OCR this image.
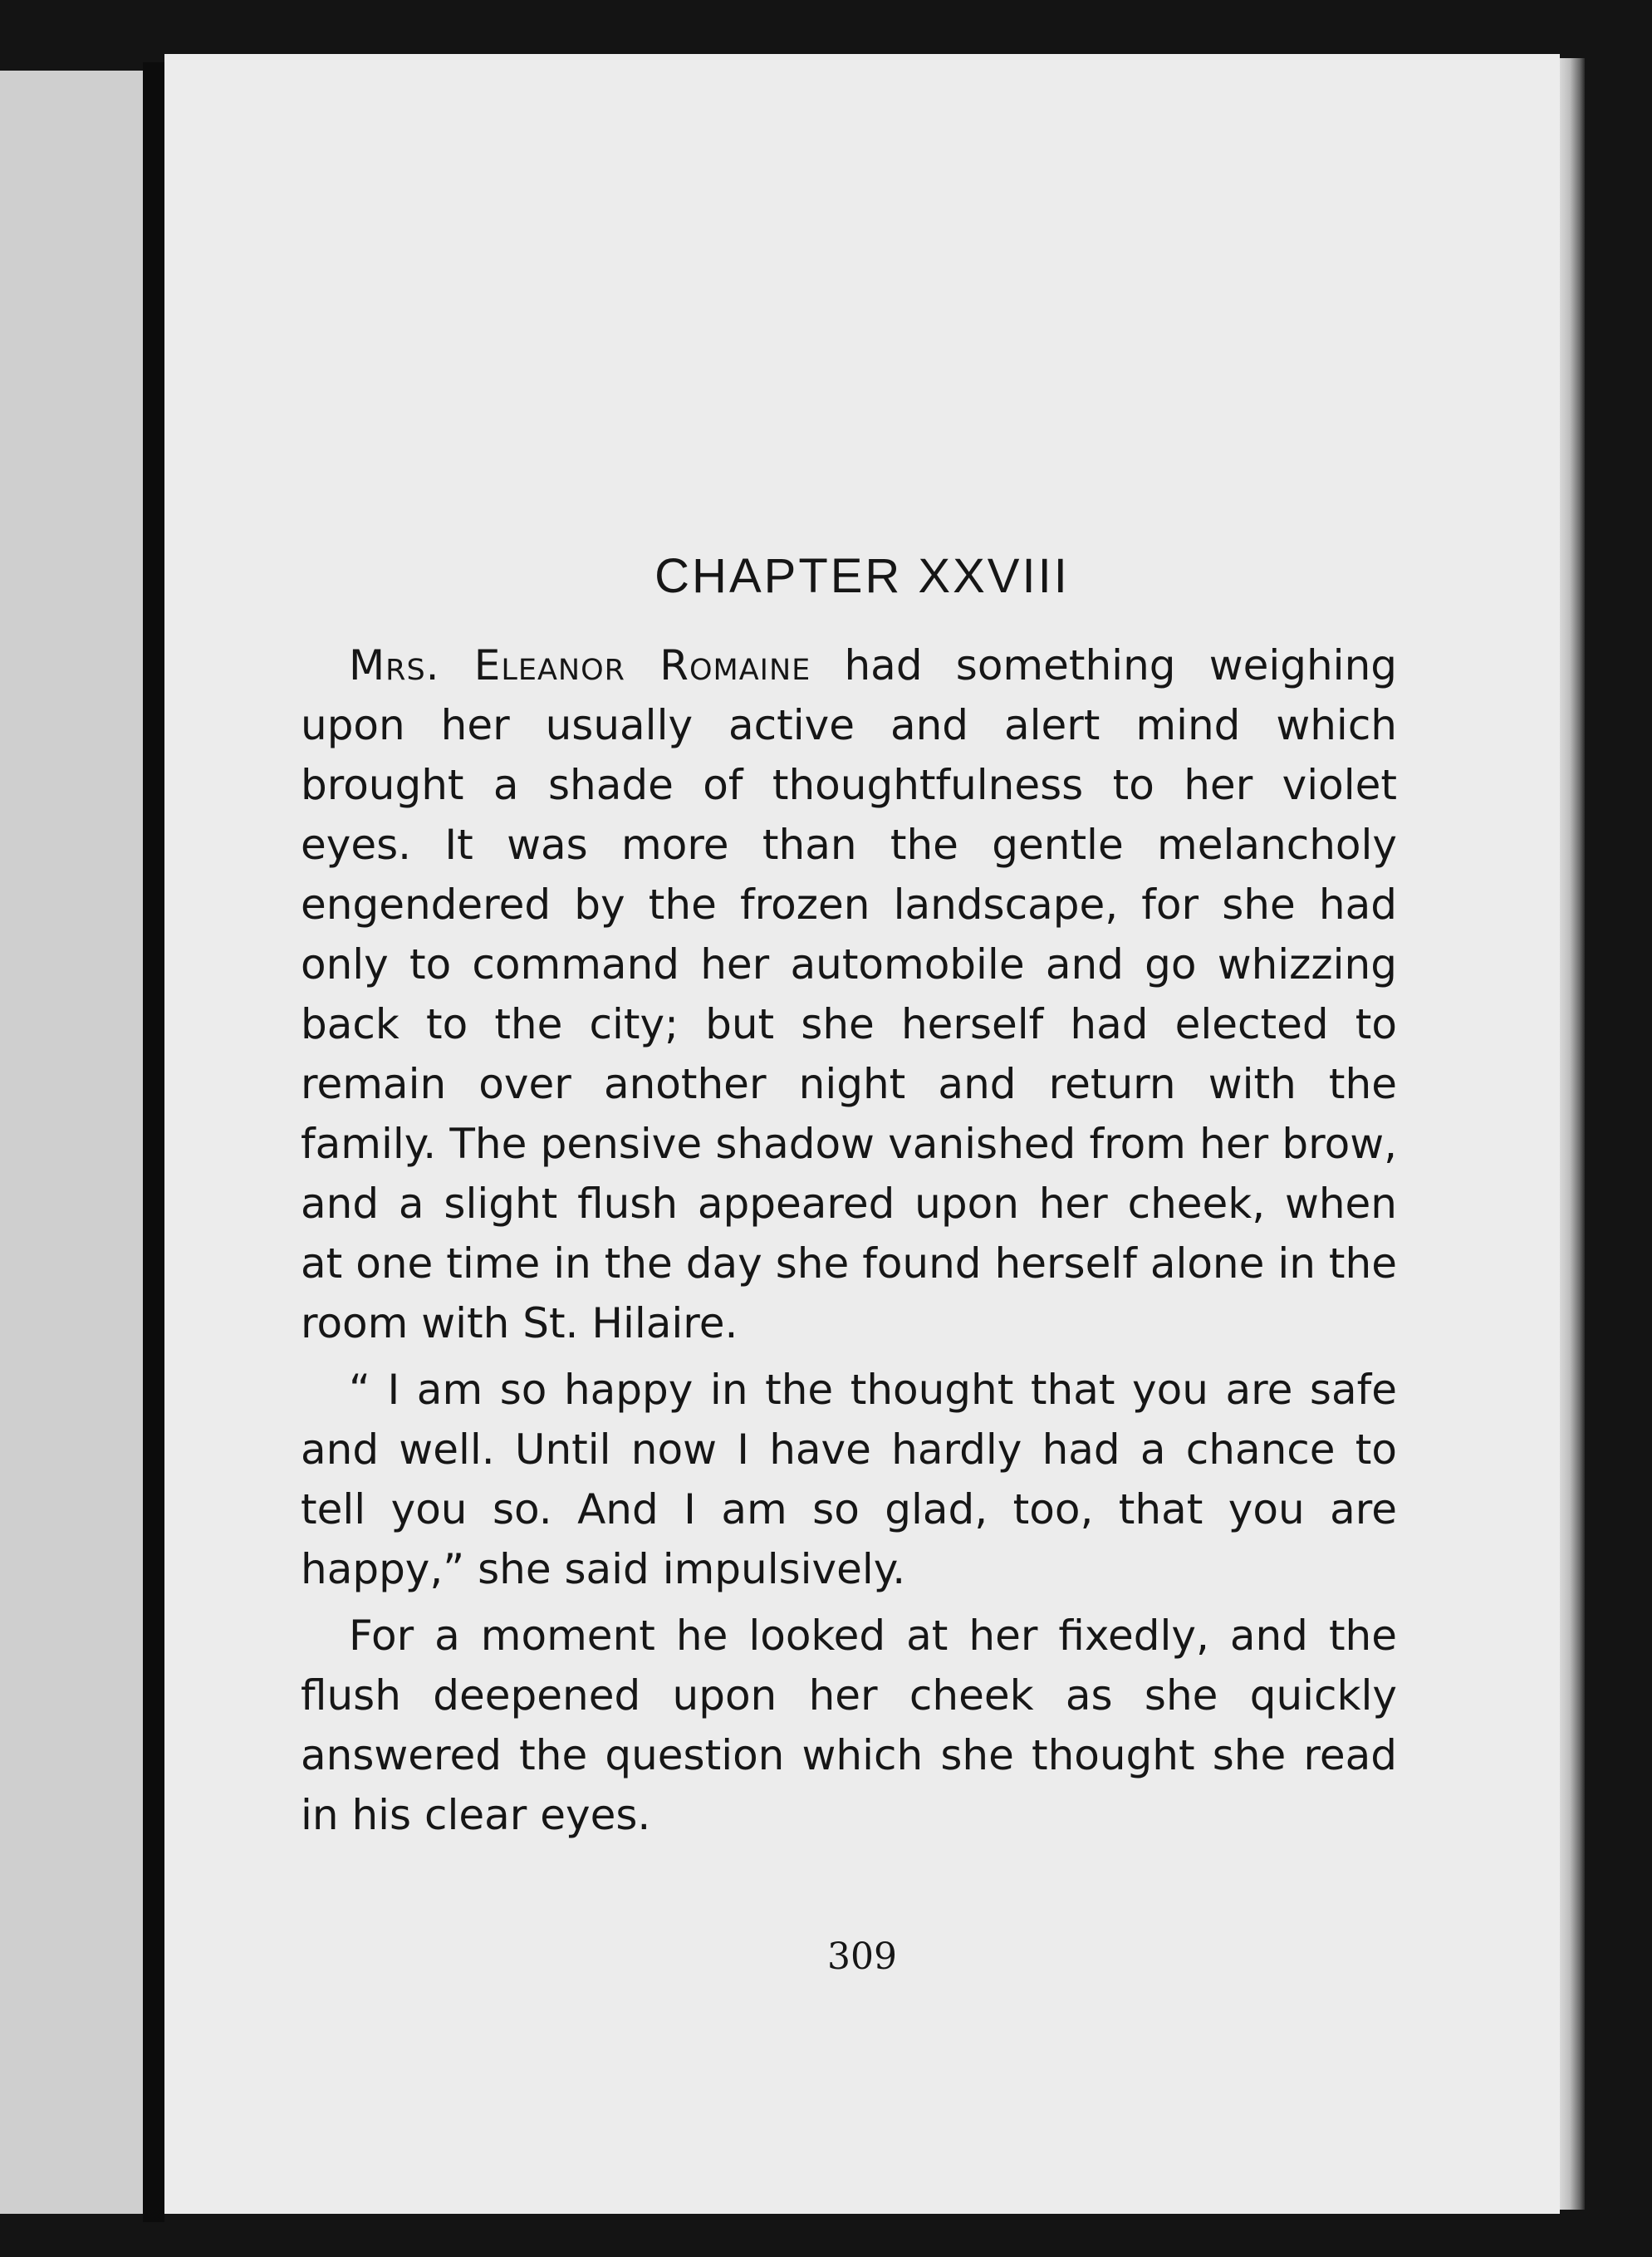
CHAPTER XXVIII

Mrs. Eleanor Romaine had something weighing upon her usually active and alert mind which brought a shade of thoughtfulness to her violet eyes. It was more than the gentle melancholy engendered by the frozen landscape, for she had only to command her automobile and go whizzing back to the city; but she herself had elected to remain over another night and return with the family. The pensive shadow vanished from her brow, and a slight flush appeared upon her cheek, when at one time in the day she found herself alone in the room with St. Hilaire.

“ I am so happy in the thought that you are safe and well. Until now I have hardly had a chance to tell you so. And I am so glad, too, that you are happy,” she said impulsively.

For a moment he looked at her fixedly, and the flush deepened upon her cheek as she quickly answered the question which she thought she read in his clear eyes.

309
